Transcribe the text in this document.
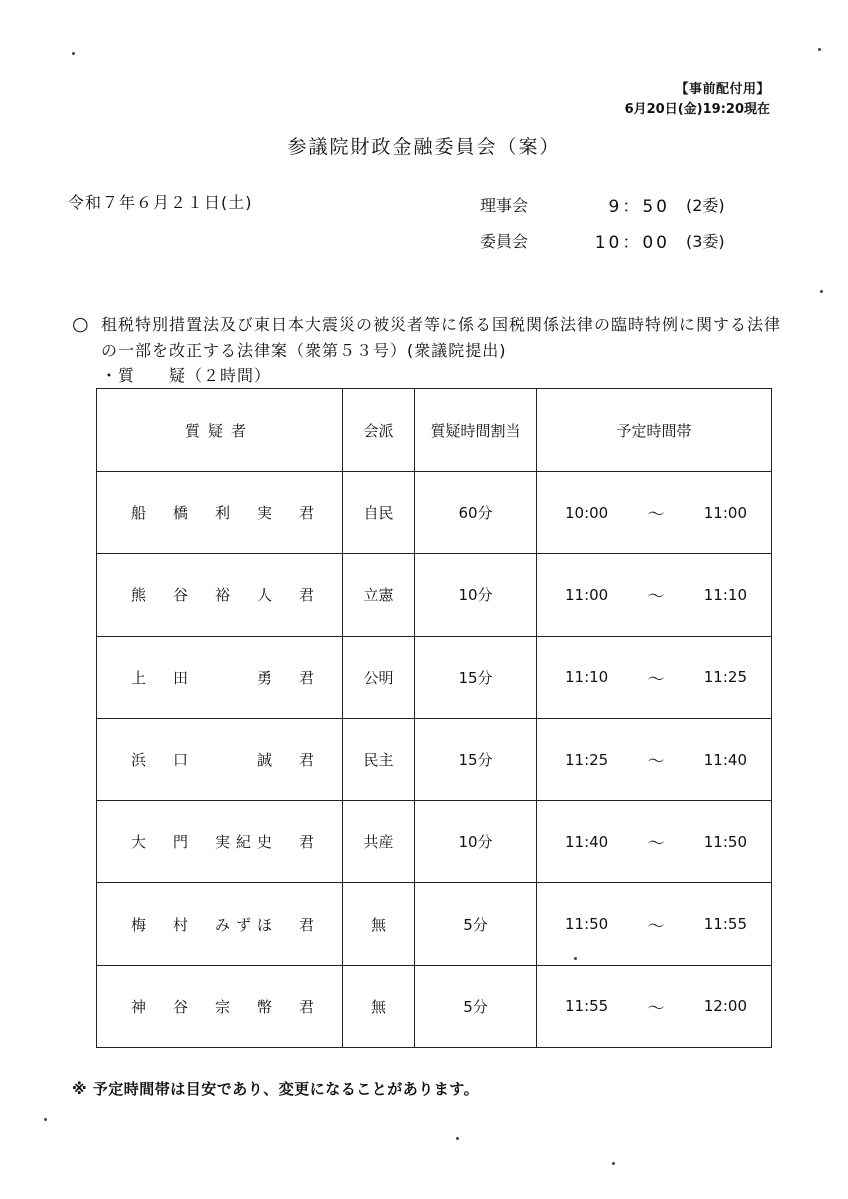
【事前配付用】
6月20日(金)19:20現在
参議院財政金融委員会（案）
令和７年６月２１日(土)	理事会	9：50 (2委)
委員会	10：00 (3委)
○ 租税特別措置法及び東日本大震災の被災者等に係る国税関係法律の臨時特例に関する法律の一部を改正する法律案（衆第５３号）(衆議院提出)
・質　　疑（２時間）
質疑者	会派	質疑時間割当	予定時間帯

船　橋　利　実　君	自民	60分	10:00 ～ 11:00

熊　谷　裕　人　君	立憲	10分	11:00 ～ 11:10

上　田　　　勇　君	公明	15分	11:10 ～ 11:25

浜　口　　　誠　君	民主	15分	11:25 ～ 11:40

大　門　実紀史　君	共産	10分	11:40 ～ 11:50

梅　村　みずほ　君	無	5分	11:50 ～ 11:55

神　谷　宗　幣　君	無	5分	11:55 ～ 12:00
※ 予定時間帯は目安であり、変更になることがあります。
